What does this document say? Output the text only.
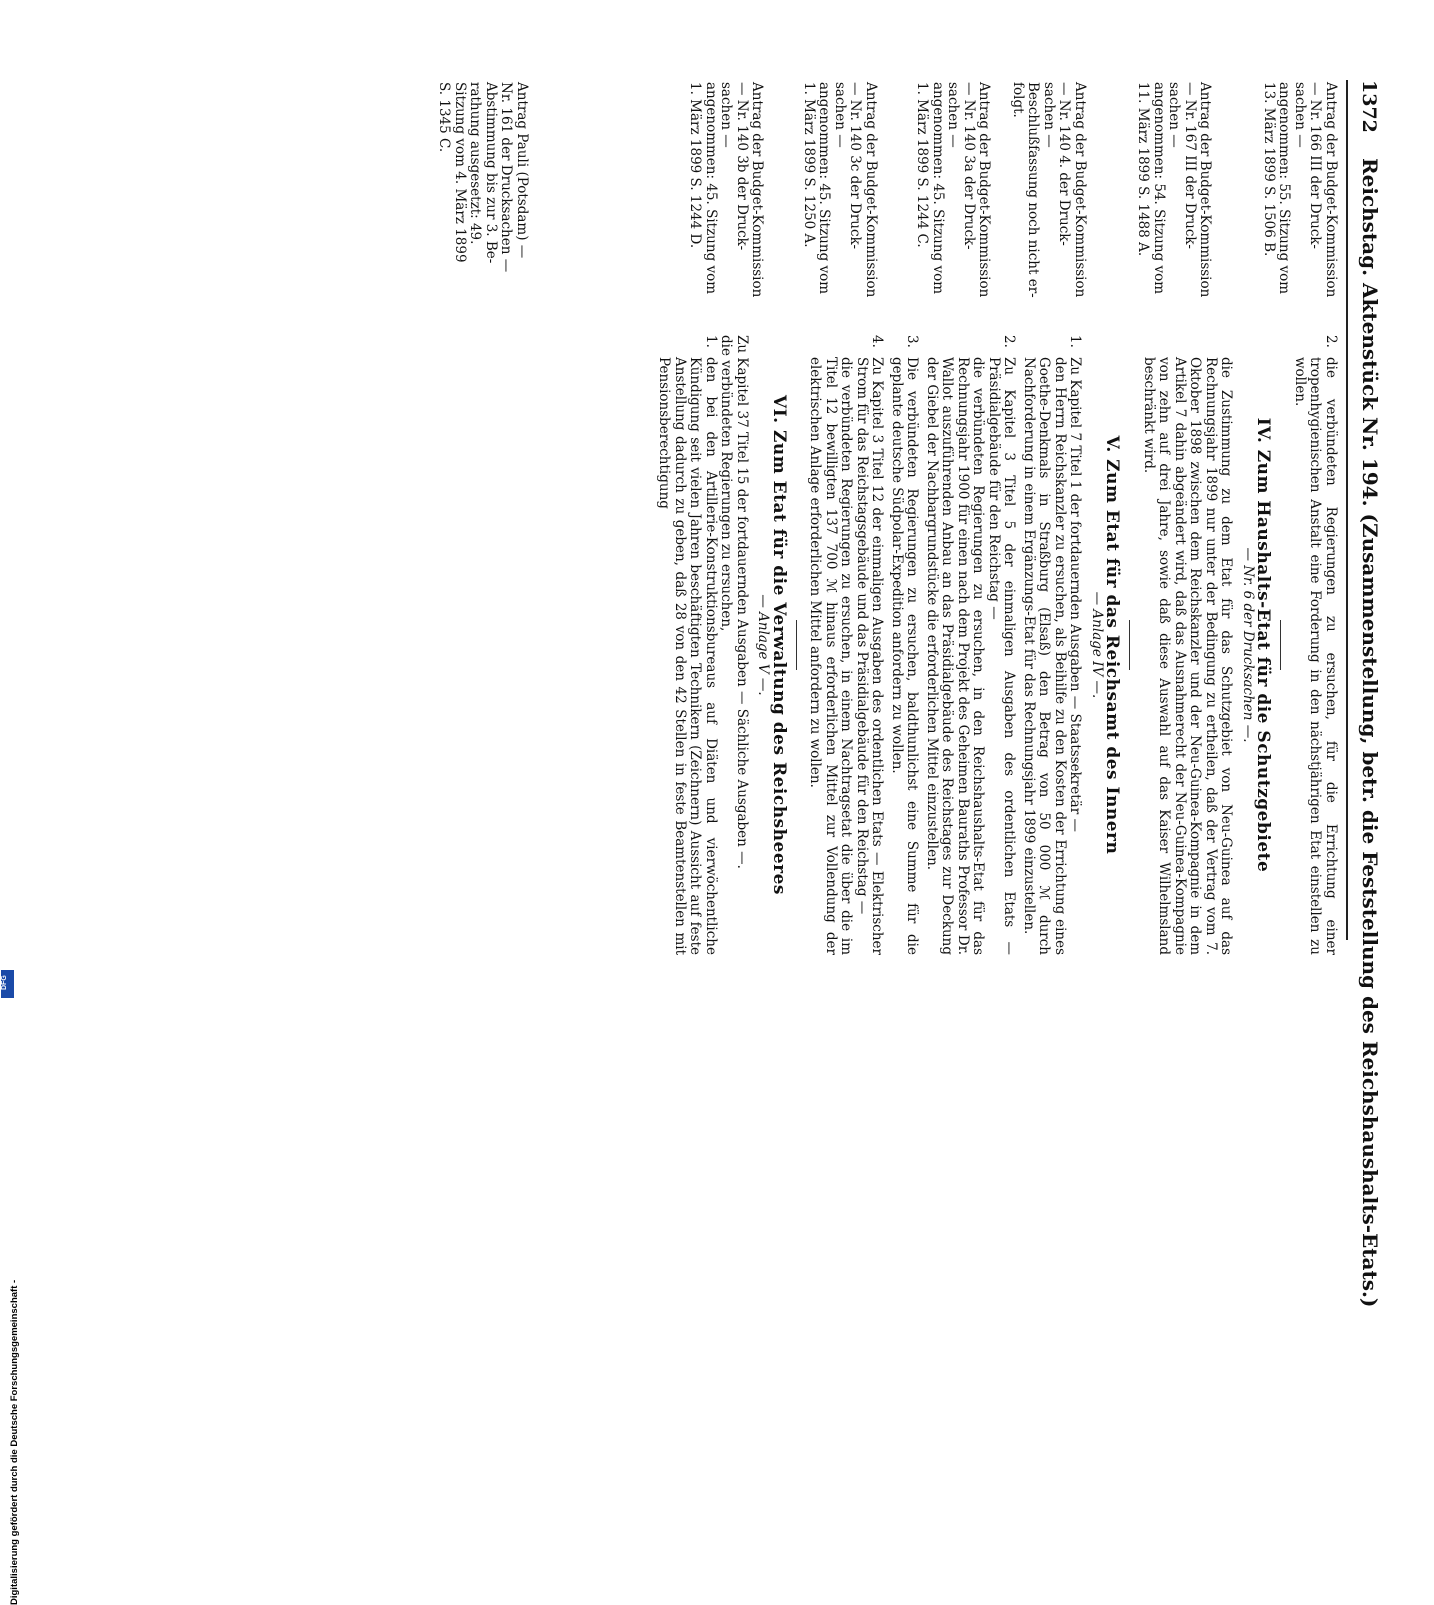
1372
Reichstag. Aktenstück Nr. 194. (Zusammenstellung, betr. die Feststellung des Reichshaushalts-Etats.)
Antrag der Budget-Kommission
— Nr. 166 III der Druck-
sachen —
angenommen: 55. Sitzung vom
13. März 1899 S. 1506 B.
Antrag der Budget-Kommission
— Nr. 167 III der Druck-
sachen —
angenommen: 54. Sitzung vom
11. März 1899 S. 1488 A.
Antrag der Budget-Kommission
— Nr. 140 4. der Druck-
sachen —
Beschlußfassung noch nicht er-
folgt.
Antrag der Budget-Kommission
— Nr. 140 3a der Druck-
sachen —
angenommen: 45. Sitzung vom
1. März 1899 S. 1244 C.
Antrag der Budget-Kommission
— Nr. 140 3c der Druck-
sachen —
angenommen: 45. Sitzung vom
1. März 1899 S. 1250 A.
Antrag der Budget-Kommission
— Nr. 140 3b der Druck-
sachen —
angenommen: 45. Sitzung vom
1. März 1899 S. 1244 D.
Antrag Pauli (Potsdam) —
Nr. 161 der Drucksachen —
Abstimmung bis zur 3. Be-
rathung ausgesetzt: 49.
Sitzung vom 4. März 1899
S. 1345 C.
2.
die verbündeten Regierungen zu ersuchen, für die Errichtung einer tropenhygienischen Anstalt eine Forderung in den nächstjährigen Etat einstellen zu wollen.
IV. Zum Haushalts-Etat für die Schutzgebiete
— Nr. 6 der Drucksachen —.
die Zustimmung zu dem Etat für das Schutzgebiet von Neu-Guinea auf das Rechnungsjahr 1899 nur unter der Bedingung zu ertheilen, daß der Vertrag vom 7. Oktober 1898 zwischen dem Reichskanzler und der Neu-Guinea-Kompagnie in dem Artikel 7 dahin abgeändert wird, daß das Ausnahmerecht der Neu-Guinea-Kompagnie von zehn auf drei Jahre, sowie daß diese Auswahl auf das Kaiser Wilhelmsland beschränkt wird.
V. Zum Etat für das Reichsamt des Innern
— Anlage IV —.
1.
Zu Kapitel 7 Titel 1 der fortdauernden Ausgaben — Staatssekretär —
den Herrn Reichskanzler zu ersuchen, als Beihilfe zu den Kosten der Errichtung eines Goethe-Denkmals in Straßburg (Elsaß) den Betrag von 50 000 ℳ durch Nachforderung in einem Ergänzungs-Etat für das Rechnungsjahr 1899 einzustellen.
2.
Zu Kapitel 3 Titel 5 der einmaligen Ausgaben des ordentlichen Etats — Präsidialgebäude für den Reichstag —
die verbündeten Regierungen zu ersuchen, in den Reichshaushalts-Etat für das Rechnungsjahr 1900 für einen nach dem Projekt des Geheimen Bauraths Professor Dr. Wallot auszuführenden Anbau an das Präsidialgebäude des Reichstages zur Deckung der Giebel der Nachbargrundstücke die erforderlichen Mittel einzustellen.
3.
Die verbündeten Regierungen zu ersuchen, baldthunlichst eine Summe für die geplante deutsche Südpolar-Expedition anfordern zu wollen.
4.
Zu Kapitel 3 Titel 12 der einmaligen Ausgaben des ordentlichen Etats — Elektrischer Strom für das Reichstagsgebäude und das Präsidialgebäude für den Reichstag —
die verbündeten Regierungen zu ersuchen, in einem Nachtragsetat die über die im Titel 12 bewilligten 137 700 ℳ hinaus erforderlichen Mittel zur Vollendung der elektrischen Anlage erforderlichen Mittel anfordern zu wollen.
VI. Zum Etat für die Verwaltung des Reichsheeres
— Anlage V —.
Zu Kapitel 37 Titel 15 der fortdauernden Ausgaben — Sächliche Ausgaben —.
die verbündeten Regierungen zu ersuchen,
1.
den bei den Artillerie-Konstruktionsbureaus auf Diäten und vierwöchentliche Kündigung seit vielen Jahren beschäftigten Technikern (Zeichnern) Aussicht auf feste Anstellung dadurch zu geben, daß 28 von den 42 Stellen in feste Beamtenstellen mit Pensionsberechtigung
Digitalisierung gefördert durch die Deutsche Forschungsgemeinschaft -
DFG
